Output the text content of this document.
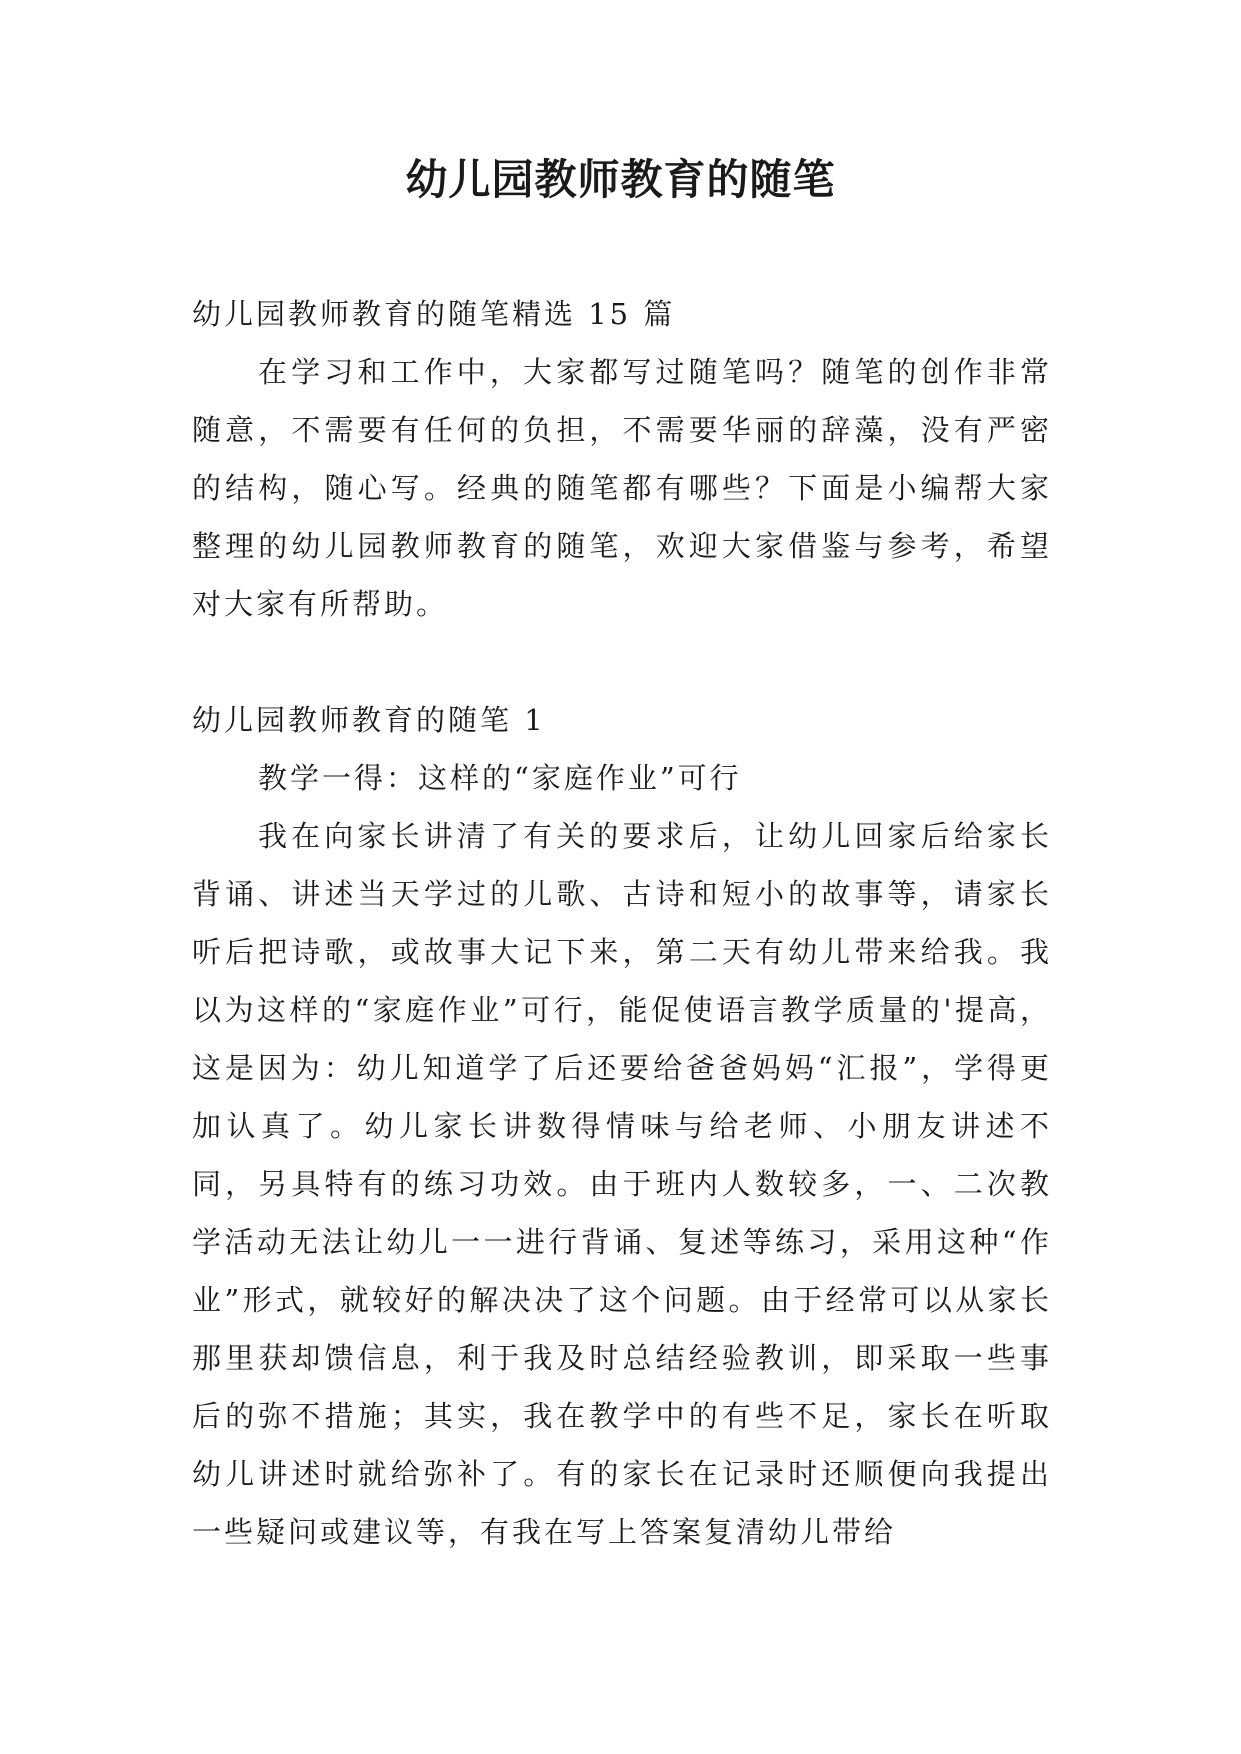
幼儿园教师教育的随笔

幼儿园教师教育的随笔精选 15 篇

在学习和工作中，大家都写过随笔吗？随笔的创作非常随意，不需要有任何的负担，不需要华丽的辞藻，没有严密的结构，随心写。经典的随笔都有哪些？下面是小编帮大家整理的幼儿园教师教育的随笔，欢迎大家借鉴与参考，希望对大家有所帮助。

幼儿园教师教育的随笔 1

教学一得：这样的“家庭作业”可行

我在向家长讲清了有关的要求后，让幼儿回家后给家长背诵、讲述当天学过的儿歌、古诗和短小的故事等，请家长听后把诗歌，或故事大记下来，第二天有幼儿带来给我。我以为这样的“家庭作业”可行，能促使语言教学质量的'提高，这是因为：幼儿知道学了后还要给爸爸妈妈“汇报”，学得更加认真了。幼儿家长讲数得情味与给老师、小朋友讲述不同，另具特有的练习功效。由于班内人数较多，一、二次教学活动无法让幼儿一一进行背诵、复述等练习，采用这种“作业”形式，就较好的解决决了这个问题。由于经常可以从家长那里获却馈信息，利于我及时总结经验教训，即采取一些事后的弥不措施；其实，我在教学中的有些不足，家长在听取幼儿讲述时就给弥补了。有的家长在记录时还顺便向我提出一些疑问或建议等，有我在写上答案复清幼儿带给
